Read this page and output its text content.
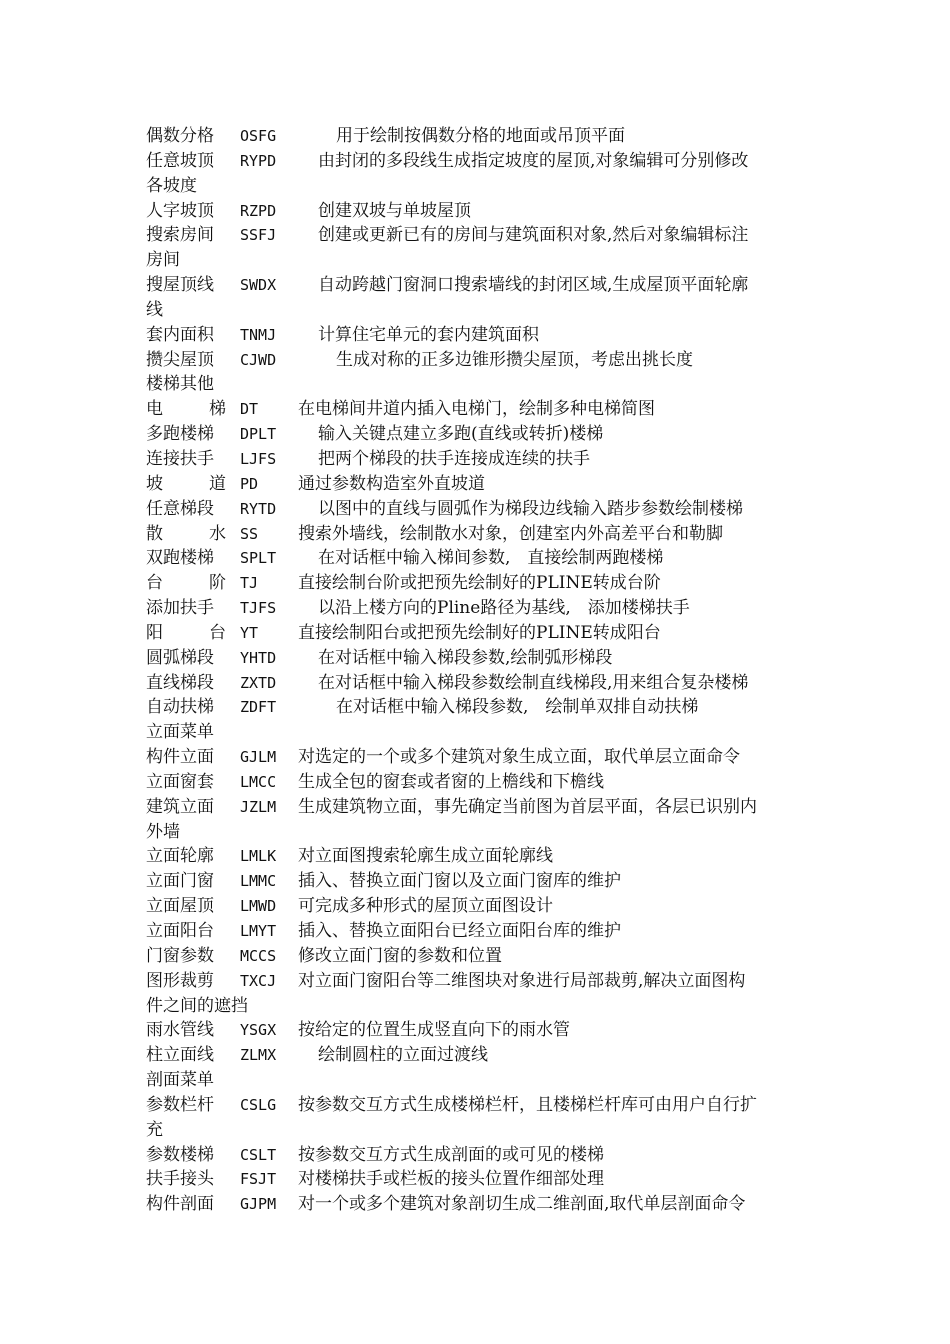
偶数分格	OSFG	用于绘制按偶数分格的地面或吊顶平面
任意坡顶	RYPD	由封闭的多段线生成指定坡度的屋顶,对象编辑可分别修改
各坡度
人字坡顶	RZPD	创建双坡与单坡屋顶
搜索房间	SSFJ	创建或更新已有的房间与建筑面积对象,然后对象编辑标注
房间
搜屋顶线	SWDX	自动跨越门窗洞口搜索墙线的封闭区域,生成屋顶平面轮廓
线
套内面积	TNMJ	计算住宅单元的套内建筑面积
攒尖屋顶	CJWD	生成对称的正多边锥形攒尖屋顶，考虑出挑长度
楼梯其他
电梯 DT	在电梯间井道内插入电梯门，绘制多种电梯简图
多跑楼梯	DPLT	输入关键点建立多跑(直线或转折)楼梯
连接扶手	LJFS	把两个梯段的扶手连接成连续的扶手
坡道 PD	通过参数构造室外直坡道
任意梯段	RYTD	以图中的直线与圆弧作为梯段边线输入踏步参数绘制楼梯
散水 SS	搜索外墙线，绘制散水对象，创建室内外高差平台和勒脚
双跑楼梯	SPLT	在对话框中输入梯间参数,　直接绘制两跑楼梯
台阶 TJ	直接绘制台阶或把预先绘制好的PLINE转成台阶
添加扶手	TJFS	以沿上楼方向的Pline路径为基线,　添加楼梯扶手
阳台 YT	直接绘制阳台或把预先绘制好的PLINE转成阳台
圆弧梯段	YHTD	在对话框中输入梯段参数,绘制弧形梯段
直线梯段	ZXTD	在对话框中输入梯段参数绘制直线梯段,用来组合复杂楼梯
自动扶梯	ZDFT	在对话框中输入梯段参数,　绘制单双排自动扶梯
立面菜单
构件立面	GJLM	对选定的一个或多个建筑对象生成立面，取代单层立面命令
立面窗套	LMCC	生成全包的窗套或者窗的上檐线和下檐线
建筑立面	JZLM	生成建筑物立面，事先确定当前图为首层平面，各层已识别内
外墙
立面轮廓	LMLK	对立面图搜索轮廓生成立面轮廓线
立面门窗	LMMC	插入、替换立面门窗以及立面门窗库的维护
立面屋顶	LMWD	可完成多种形式的屋顶立面图设计
立面阳台	LMYT	插入、替换立面阳台已经立面阳台库的维护
门窗参数	MCCS	修改立面门窗的参数和位置
图形裁剪	TXCJ	对立面门窗阳台等二维图块对象进行局部裁剪,解决立面图构
件之间的遮挡
雨水管线	YSGX	按给定的位置生成竖直向下的雨水管
柱立面线	ZLMX	绘制圆柱的立面过渡线
剖面菜单
参数栏杆	CSLG	按参数交互方式生成楼梯栏杆，且楼梯栏杆库可由用户自行扩
充
参数楼梯	CSLT	按参数交互方式生成剖面的或可见的楼梯
扶手接头	FSJT	对楼梯扶手或栏板的接头位置作细部处理
构件剖面	GJPM	对一个或多个建筑对象剖切生成二维剖面,取代单层剖面命令
